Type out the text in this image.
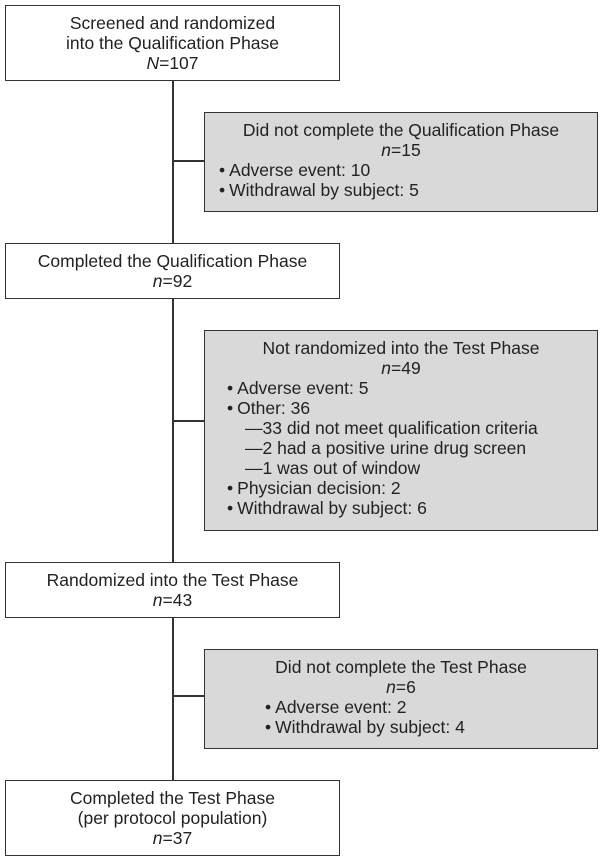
Screened and randomized
into the Qualification Phase
N=107
Did not complete the Qualification Phase
n=15
• Adverse event: 10
• Withdrawal by subject: 5
Completed the Qualification Phase
n=92
Not randomized into the Test Phase
n=49
• Adverse event: 5
• Other: 36
— 33 did not meet qualification criteria
— 2 had a positive urine drug screen
— 1 was out of window
• Physician decision: 2
• Withdrawal by subject: 6
Randomized into the Test Phase
n=43
Did not complete the Test Phase
n=6
• Adverse event: 2
• Withdrawal by subject: 4
Completed the Test Phase
(per protocol population)
n=37
